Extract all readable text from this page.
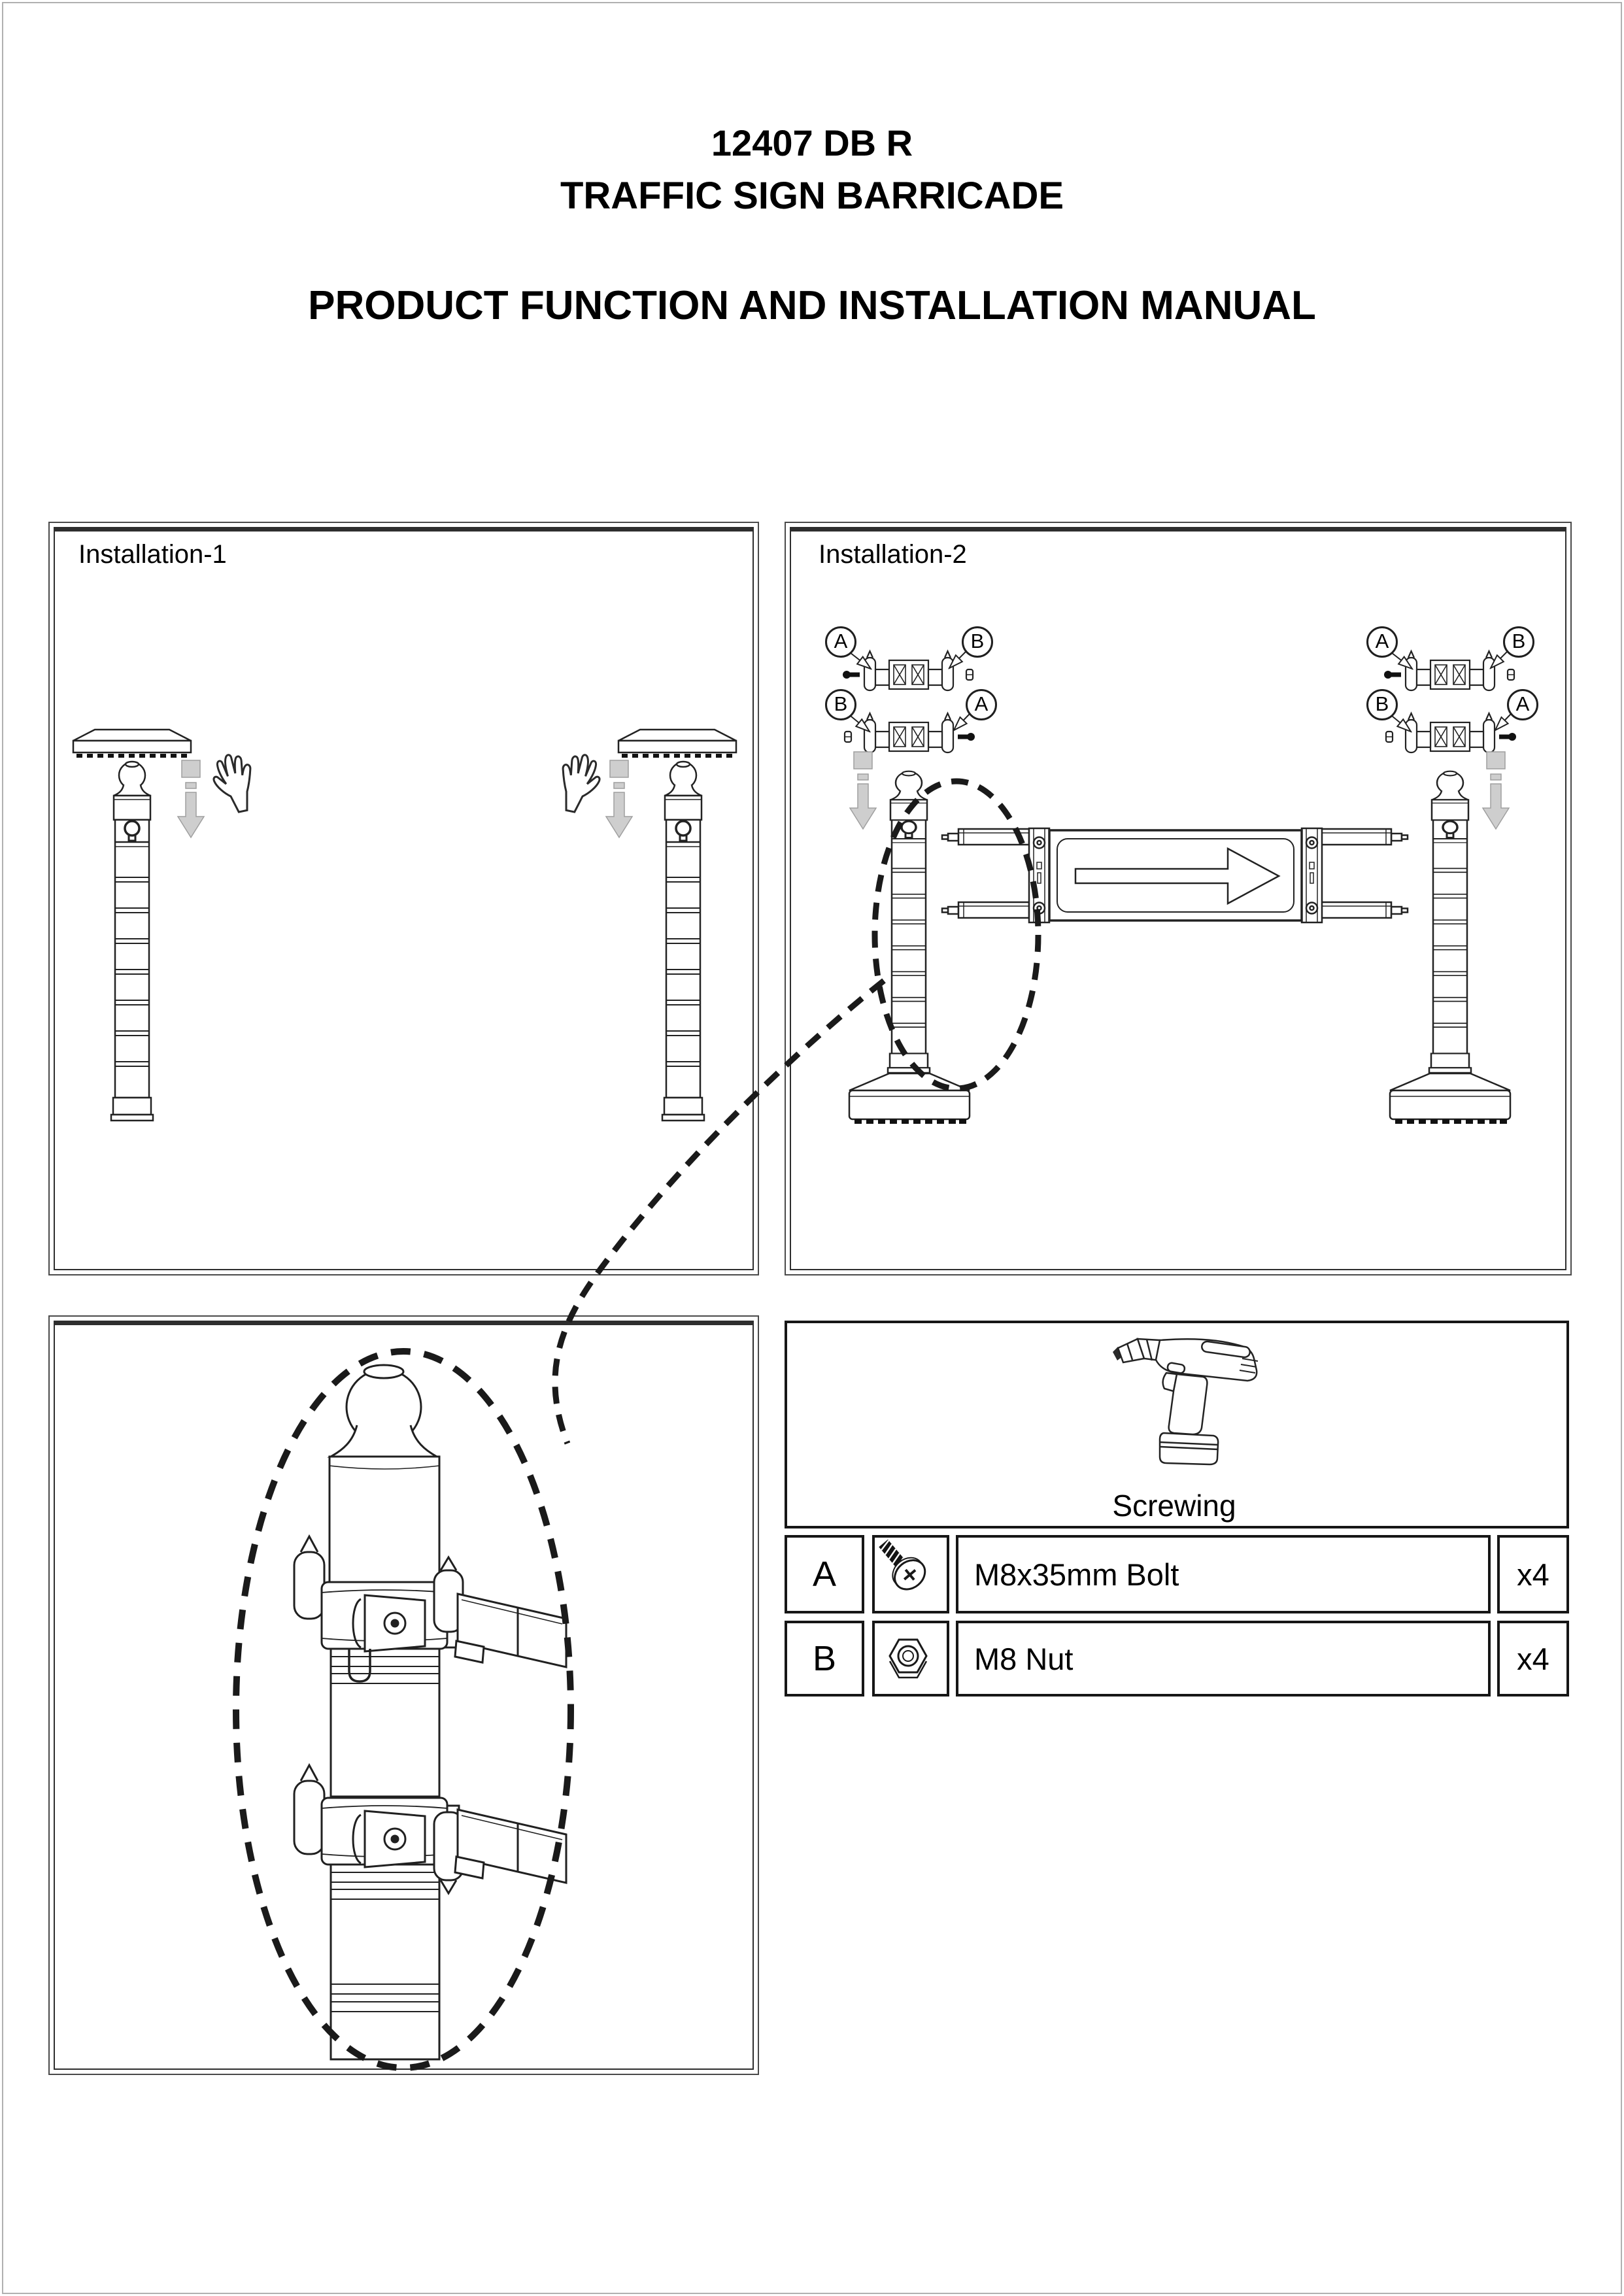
12407 DB R
TRAFFIC SIGN BARRICADE
PRODUCT FUNCTION AND INSTALLATION MANUAL
Installation-1	Installation-2
Screwing
A	M8x35mm Bolt	x4
B	M8 Nut	x4
A	B
B	A
A	B
B	A
